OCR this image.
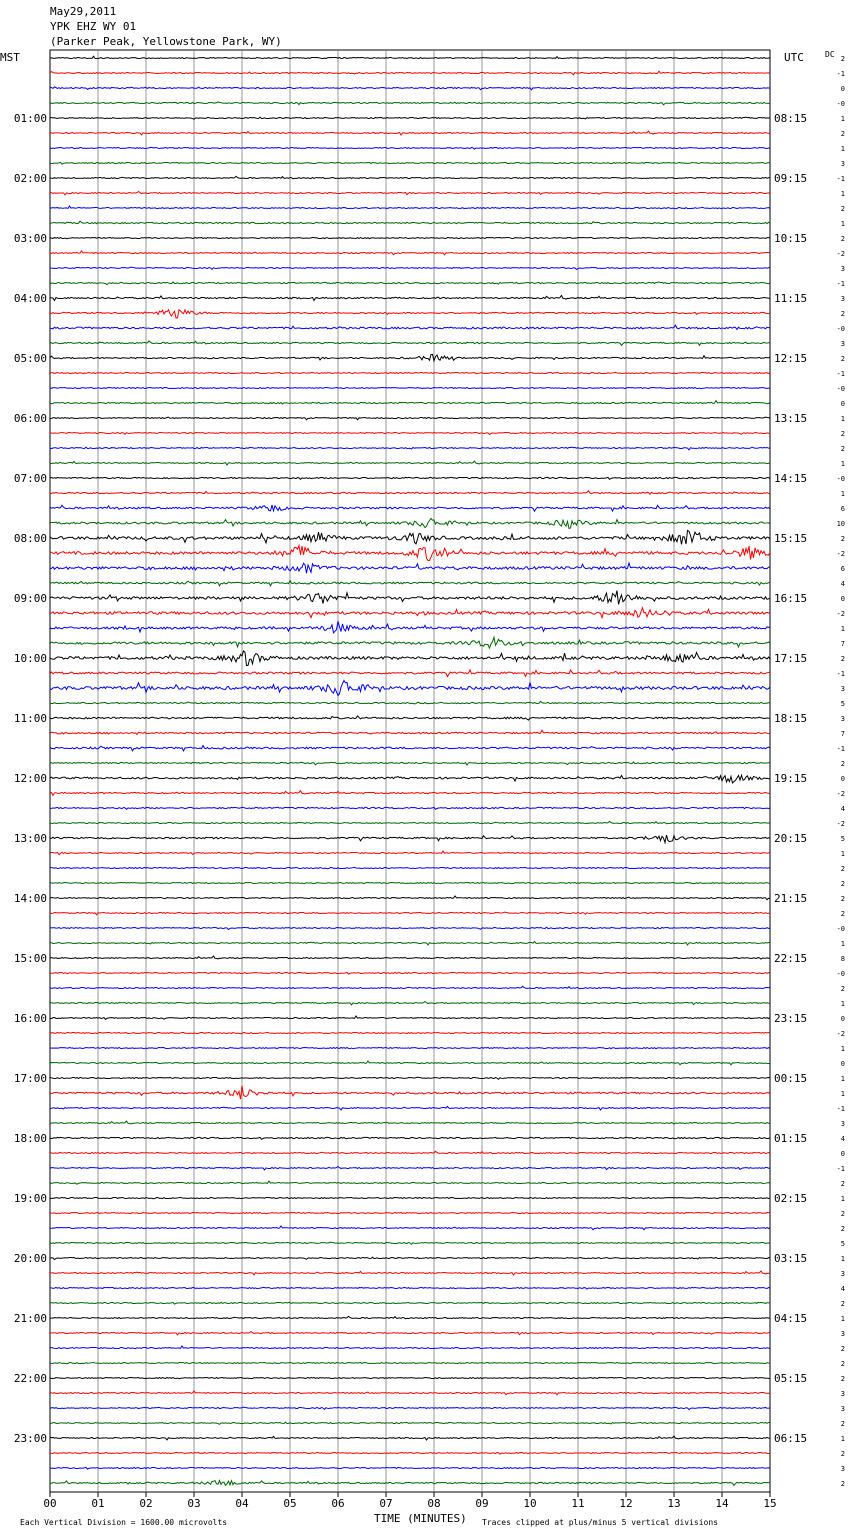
01:00
02:00
03:00
04:00
05:00
06:00
07:00
08:00
09:00
10:00
11:00
12:00
13:00
14:00
15:00
16:00
17:00
18:00
19:00
20:00
21:00
22:00
23:00
08:15
09:15
10:15
11:15
12:15
13:15
14:15
15:15
16:15
17:15
18:15
19:15
20:15
21:15
22:15
23:15
00:15
01:15
02:15
03:15
04:15
05:15
06:15
2
-1
0
-0
1
2
1
3
-1
1
2
1
2
-2
3
-1
3
2
-0
3
2
-1
-0
0
1
2
2
1
-0
1
6
10
2
-2
6
4
0
-2
1
7
2
-1
3
5
3
7
-1
2
0
-2
4
-2
5
1
2
2
2
2
-0
1
8
-0
2
1
0
-2
1
0
1
1
-1
3
4
0
-1
2
1
2
2
5
1
3
4
2
1
3
2
2
2
3
3
2
1
2
3
2
00	01	02	03	04	05	06	07	08	09	10	11	12	13	14	15
May29,2011
YPK EHZ WY 01
(Parker Peak, Yellowstone Park, WY)
MST	UTC	DC
TIME (MINUTES)
Each Vertical Division = 1600.00 microvolts	Traces clipped at plus/minus 5 vertical divisions
